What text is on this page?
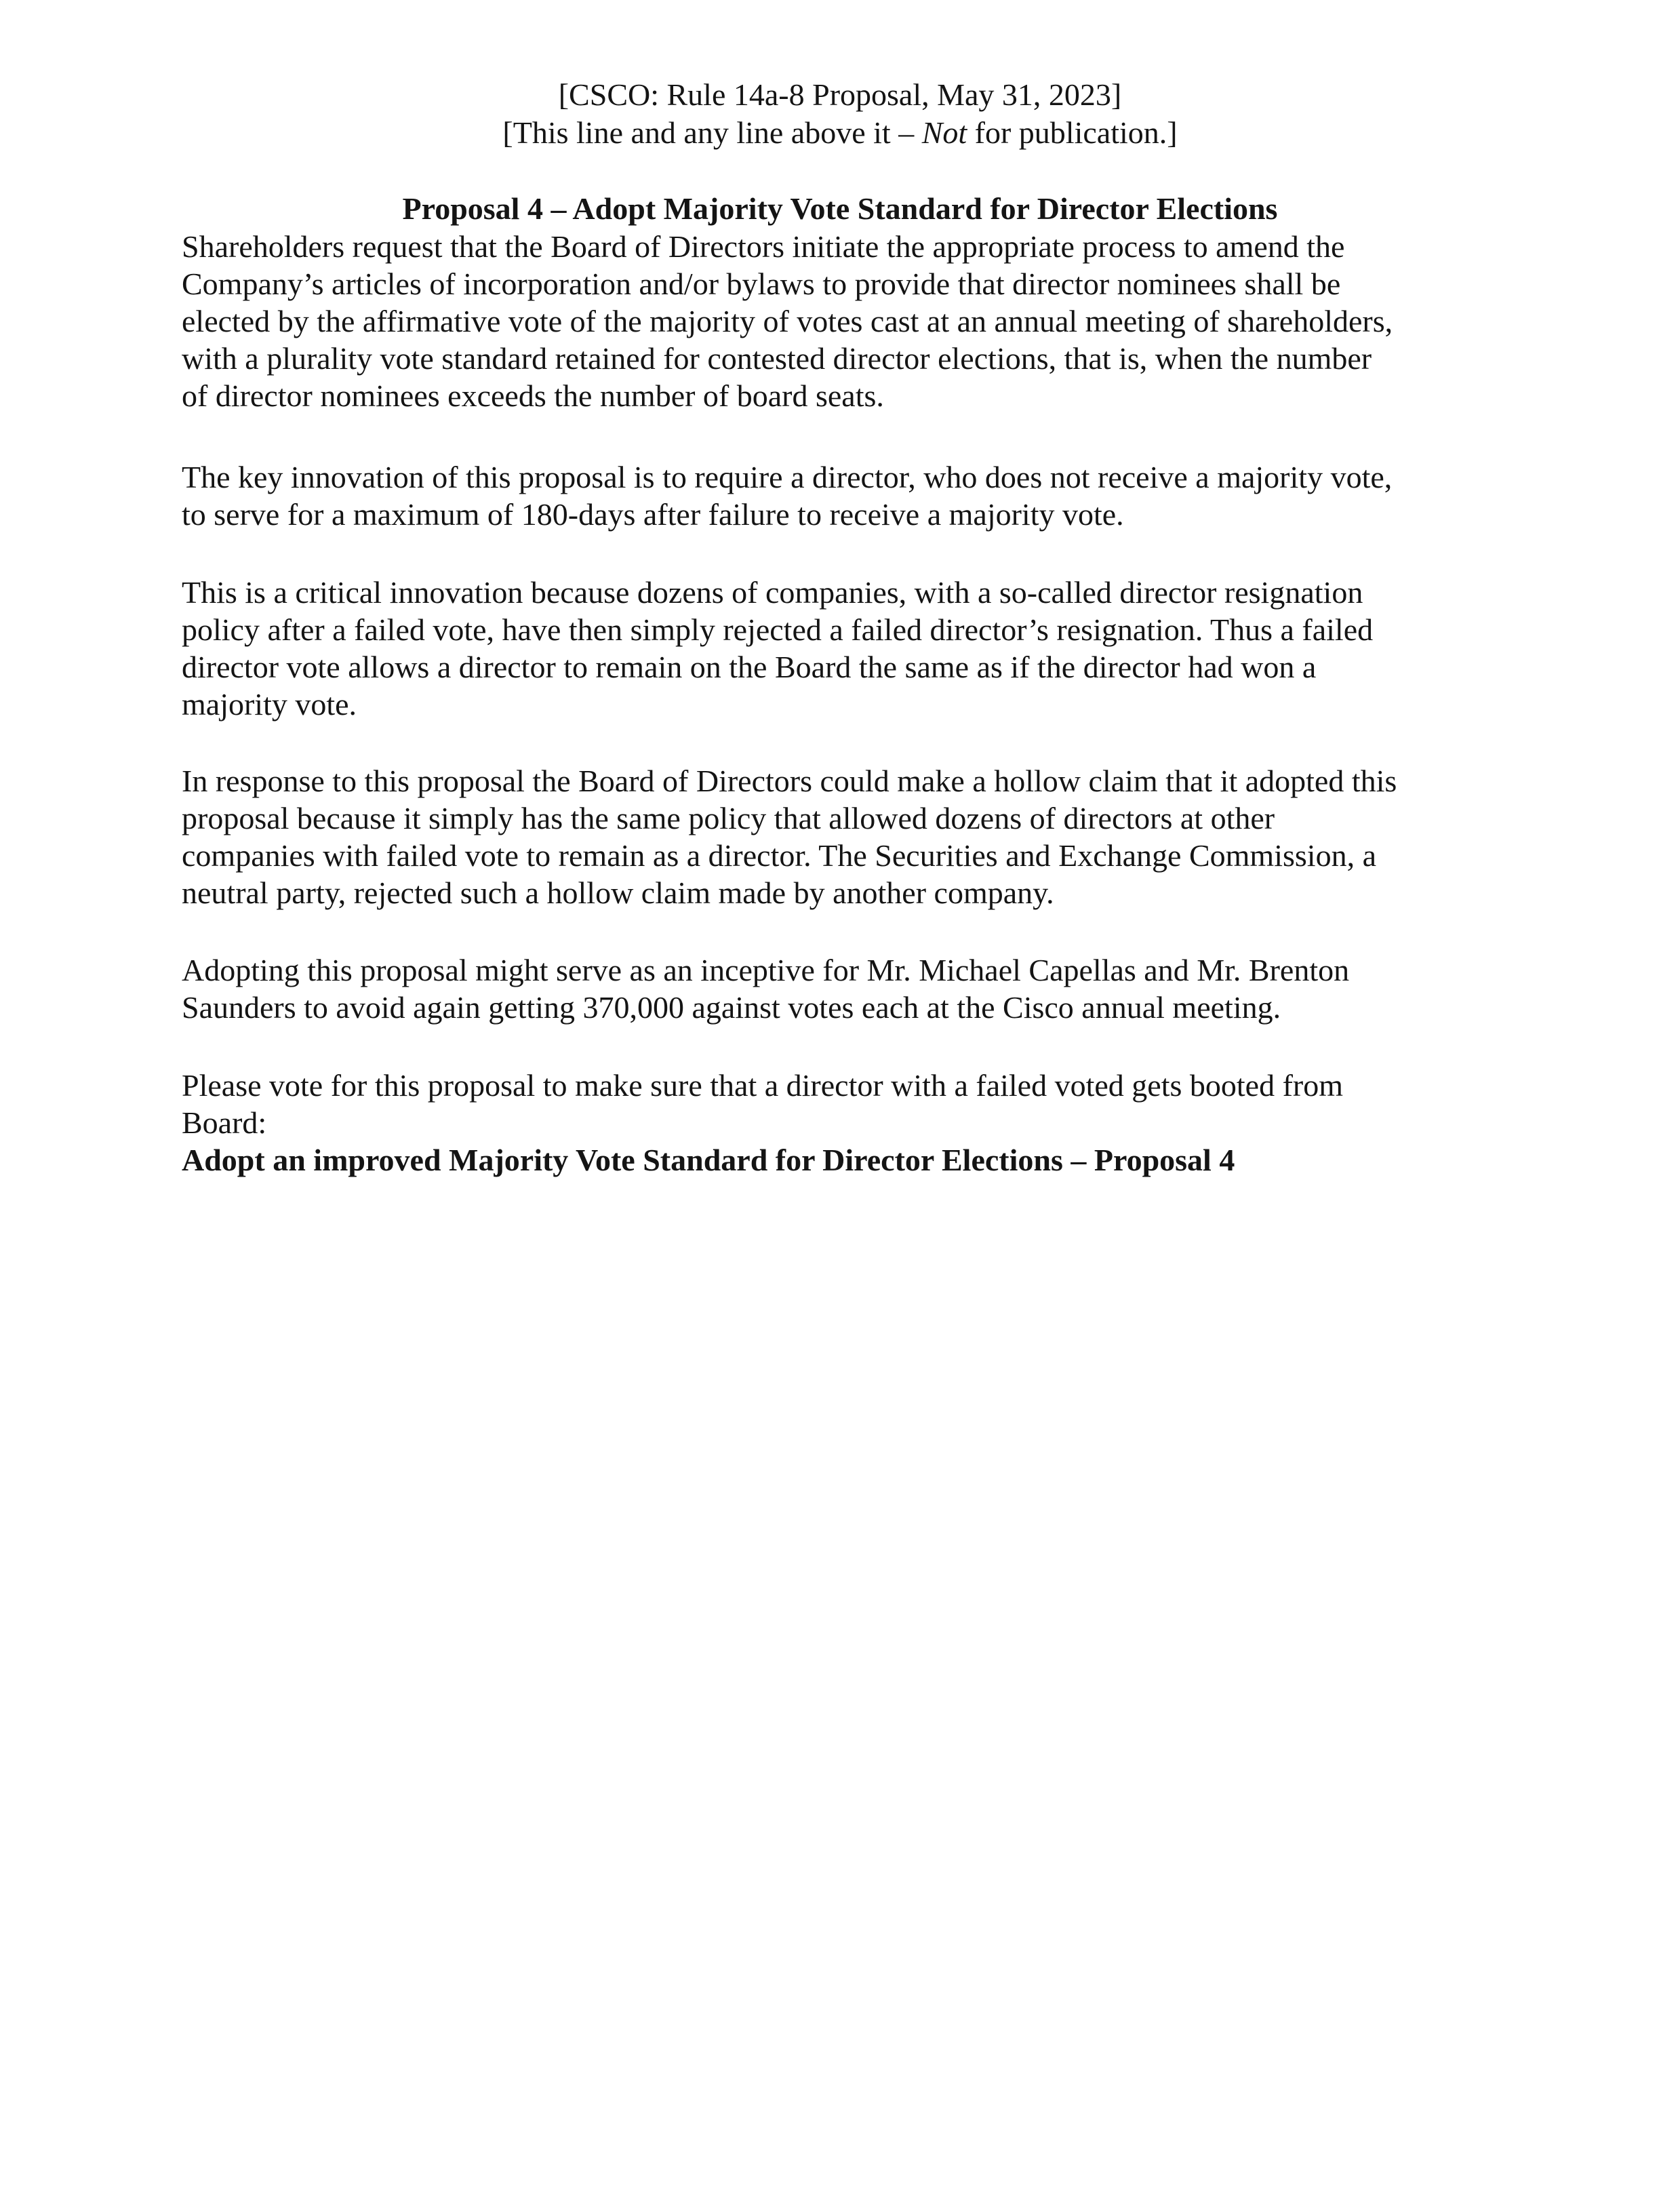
[CSCO: Rule 14a-8 Proposal, May 31, 2023]
[This line and any line above it – Not for publication.]
Proposal 4 – Adopt Majority Vote Standard for Director Elections
Shareholders request that the Board of Directors initiate the appropriate process to amend the
Company’s articles of incorporation and/or bylaws to provide that director nominees shall be
elected by the affirmative vote of the majority of votes cast at an annual meeting of shareholders,
with a plurality vote standard retained for contested director elections, that is, when the number
of director nominees exceeds the number of board seats.
The key innovation of this proposal is to require a director, who does not receive a majority vote,
to serve for a maximum of 180-days after failure to receive a majority vote.
This is a critical innovation because dozens of companies, with a so-called director resignation
policy after a failed vote, have then simply rejected a failed director’s resignation. Thus a failed
director vote allows a director to remain on the Board the same as if the director had won a
majority vote.
In response to this proposal the Board of Directors could make a hollow claim that it adopted this
proposal because it simply has the same policy that allowed dozens of directors at other
companies with failed vote to remain as a director. The Securities and Exchange Commission, a
neutral party, rejected such a hollow claim made by another company.
Adopting this proposal might serve as an inceptive for Mr. Michael Capellas and Mr. Brenton
Saunders to avoid again getting 370,000 against votes each at the Cisco annual meeting.
Please vote for this proposal to make sure that a director with a failed voted gets booted from
Board:
Adopt an improved Majority Vote Standard for Director Elections – Proposal 4
